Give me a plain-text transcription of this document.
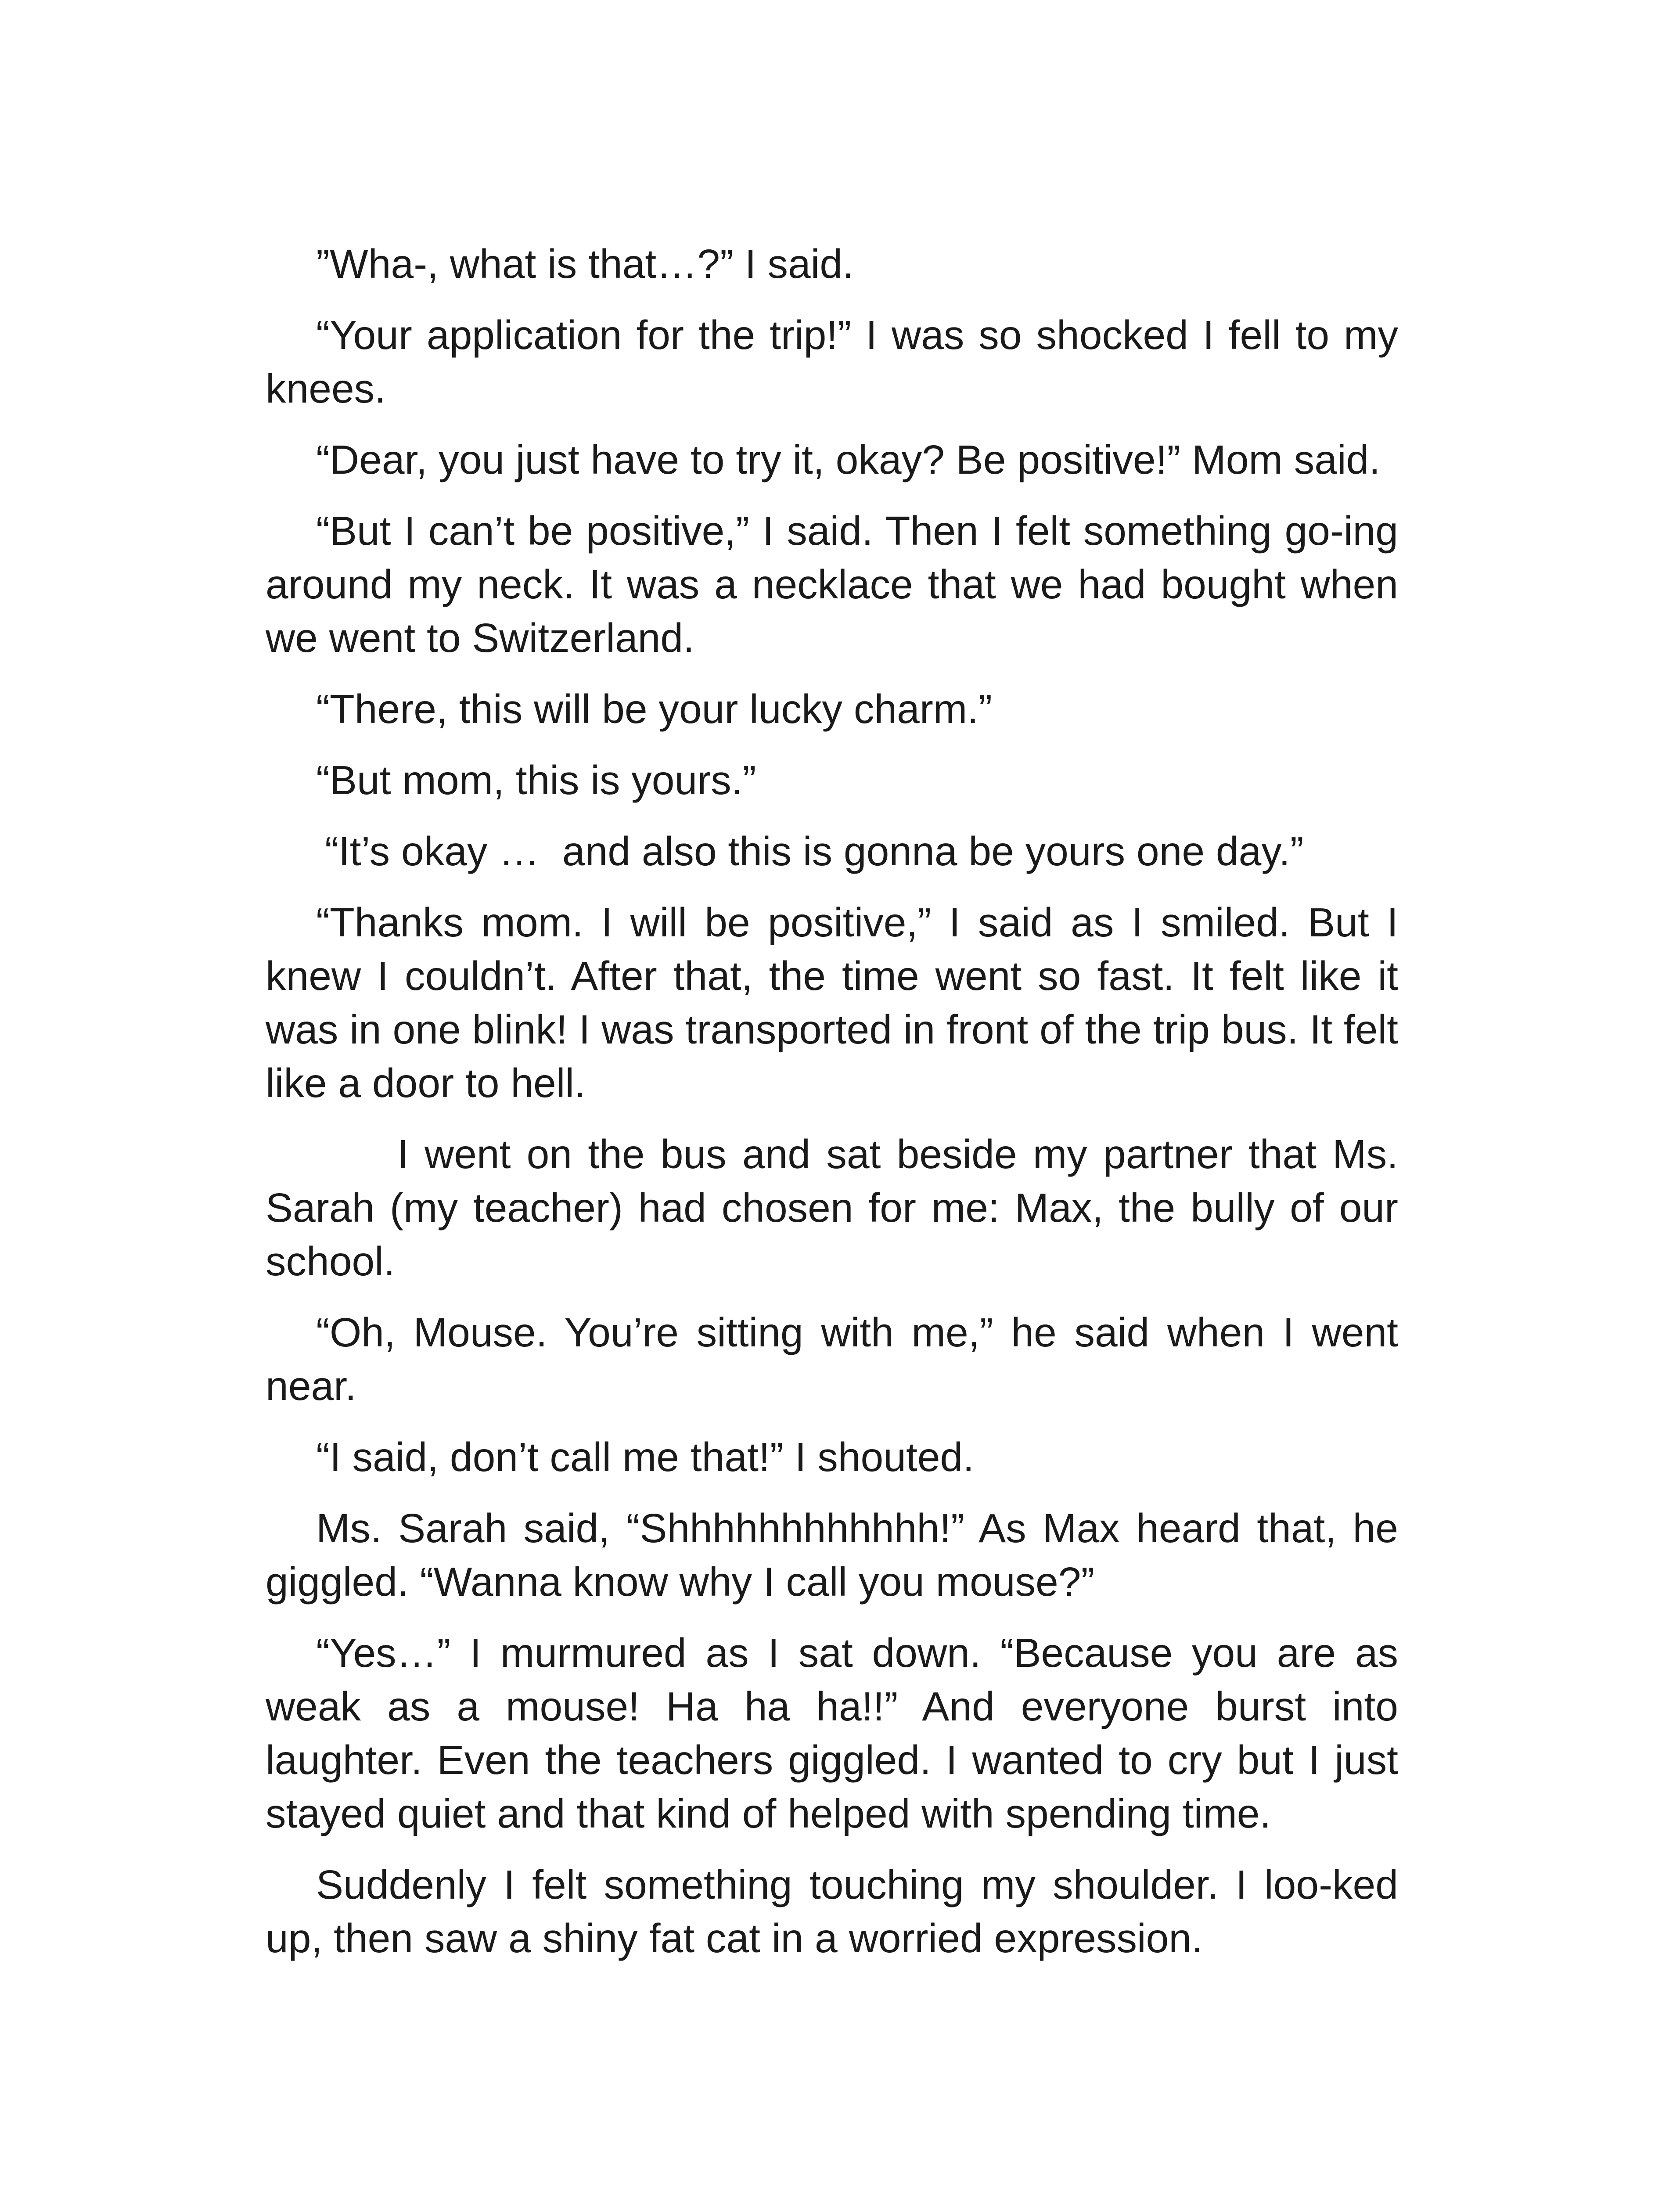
”Wha-, what is that…?” I said.

“Your application for the trip!” I was so shocked I fell to my knees.

“Dear, you just have to try it, okay? Be positive!” Mom said.

“But I can’t be positive,” I said. Then I felt something go-ing around my neck. It was a necklace that we had bought when we went to Switzerland.

“There, this will be your lucky charm.”

“But mom, this is yours.”

“It’s okay …  and also this is gonna be yours one day.”

“Thanks mom. I will be positive,” I said as I smiled. But I knew I couldn’t. After that, the time went so fast. It felt like it was in one blink! I was transported in front of the trip bus. It felt like a door to hell.

I went on the bus and sat beside my partner that Ms. Sarah (my teacher) had chosen for me: Max, the bully of our school.

“Oh, Mouse. You’re sitting with me,” he said when I went near.

“I said, don’t call me that!” I shouted.

Ms. Sarah said, “Shhhhhhhhhhhh!” As Max heard that, he giggled. “Wanna know why I call you mouse?”

“Yes…” I murmured as I sat down. “Because you are as weak as a mouse! Ha ha ha!!” And everyone burst into laughter. Even the teachers giggled. I wanted to cry but I just stayed quiet and that kind of helped with spending time.

Suddenly I felt something touching my shoulder. I loo-ked up, then saw a shiny fat cat in a worried expression.
